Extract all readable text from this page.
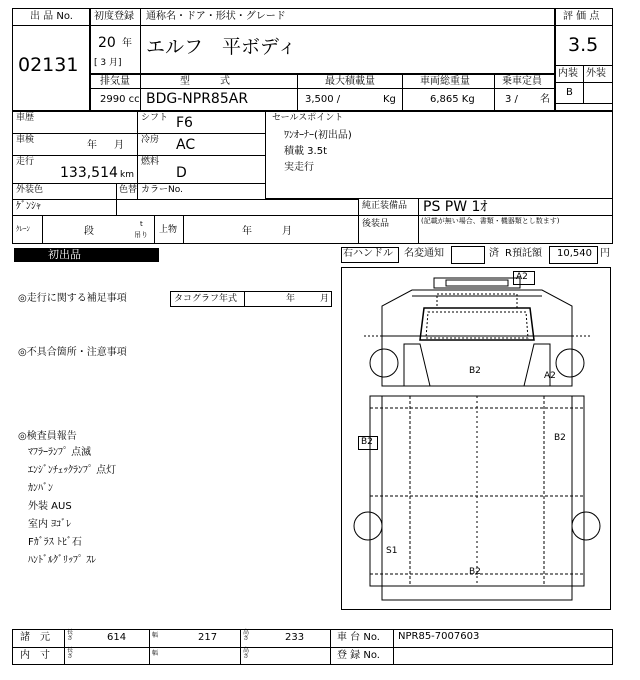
出 品 No.
02131
初度登録 通称名・ドア・形状・グレード
20 年
[ 3 月]
エルフ　平ボディ
評 価 点
3.5
内装 外装
B
排気量	型　　　式	最大積載量	車両総重量	乗車定員
2990 cc BDG-NPR85AR	3,500 /	Kg	6,865 Kg	3 / 名
車歴	シフト F6
車検	年 月 冷房 AC
走行
133,514 km
燃料
D
外装色
ｹﾞﾝｼｬ
色替 カラーNo.
セールスポイント
ﾜﾝｵｰﾅｰ(初出品)
積載 3.5t
実走行
純正装備品 PS PW 1ｵ
後装品	(記載が無い場合、書類・機器類とし数ます)
ｸﾚｰﾝ	段
t
吊り 上物	年	月
初出品	右ハンドル 名変通知	済 R預託額 10,540 円
◎走行に関する補足事項	タコグラフ年式	年	月
◎不具合箇所・注意事項
◎検査員報告
ﾏﾌﾗｰﾗﾝﾌﾟ 点滅
ｴﾝｼﾞﾝﾁｪｯｸﾗﾝﾌﾟ 点灯
ｶﾝﾊﾞﾝ
外装 AUS
室内 ﾖｺﾞﾚ
Fｶﾞﾗｽ ﾄﾋﾞ石
ﾊﾝﾄﾞﾙｸﾞﾘｯﾌﾟ ｽﾚ
A2
B2	A2
B2	B2
S1
B2
諸　元	長さ	614	幅	217	高さ	233	車 台 No. NPR85-7007603
内　寸	長さ	幅	高さ	登 録 No.
